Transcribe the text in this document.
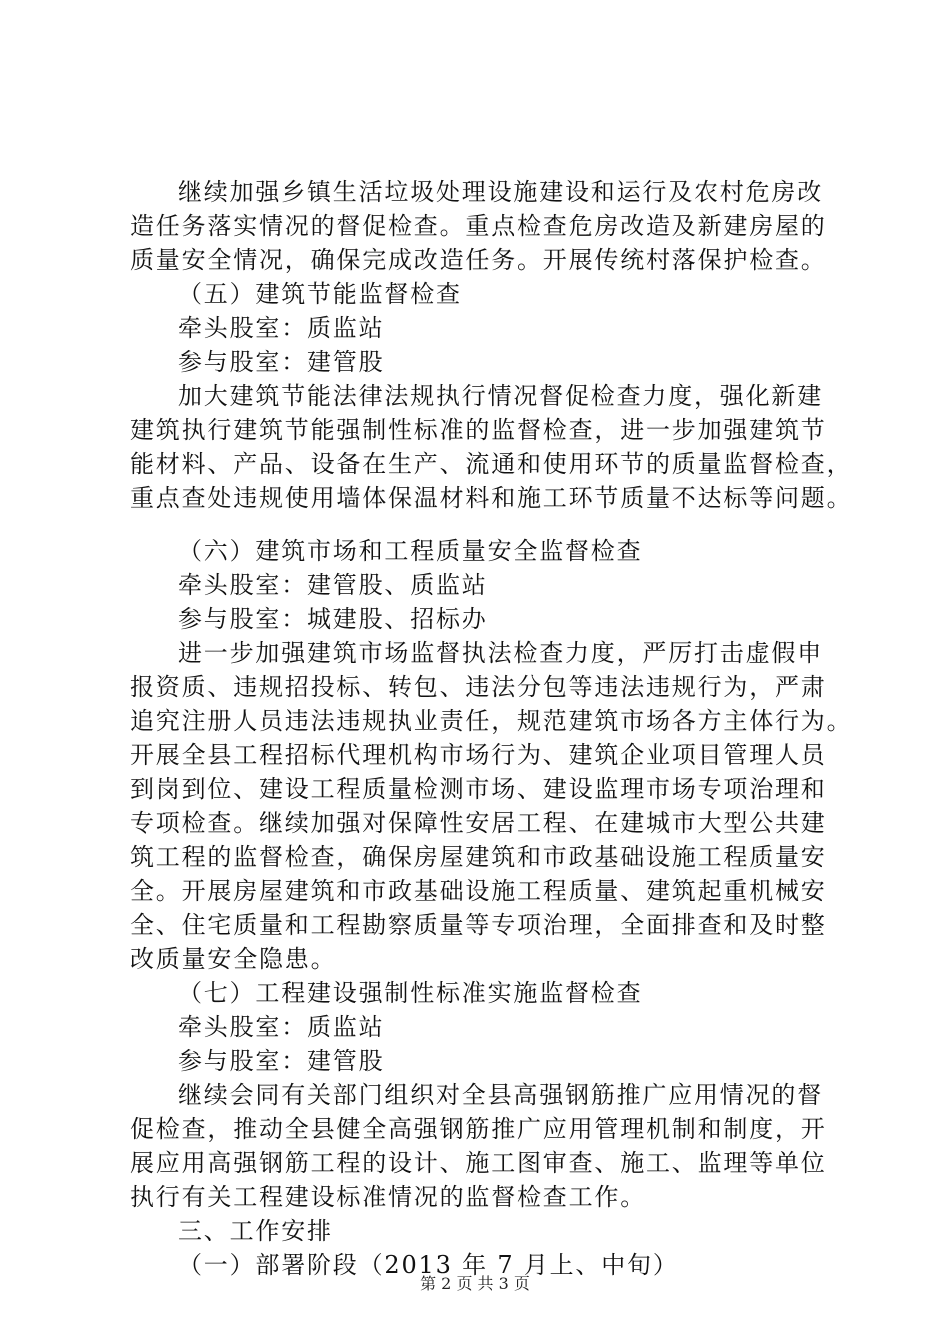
继续加强乡镇生活垃圾处理设施建设和运行及农村危房改
造任务落实情况的督促检查。重点检查危房改造及新建房屋的
质量安全情况，确保完成改造任务。开展传统村落保护检查。
（五）建筑节能监督检查
牵头股室：质监站
参与股室：建管股
加大建筑节能法律法规执行情况督促检查力度，强化新建
建筑执行建筑节能强制性标准的监督检查，进一步加强建筑节
能材料、产品、设备在生产、流通和使用环节的质量监督检查，
重点查处违规使用墙体保温材料和施工环节质量不达标等问题。
（六）建筑市场和工程质量安全监督检查
牵头股室：建管股、质监站
参与股室：城建股、招标办
进一步加强建筑市场监督执法检查力度，严厉打击虚假申
报资质、违规招投标、转包、违法分包等违法违规行为，严肃
追究注册人员违法违规执业责任，规范建筑市场各方主体行为。
开展全县工程招标代理机构市场行为、建筑企业项目管理人员
到岗到位、建设工程质量检测市场、建设监理市场专项治理和
专项检查。继续加强对保障性安居工程、在建城市大型公共建
筑工程的监督检查，确保房屋建筑和市政基础设施工程质量安
全。开展房屋建筑和市政基础设施工程质量、建筑起重机械安
全、住宅质量和工程勘察质量等专项治理，全面排查和及时整
改质量安全隐患。
（七）工程建设强制性标准实施监督检查
牵头股室：质监站
参与股室：建管股
继续会同有关部门组织对全县高强钢筋推广应用情况的督
促检查，推动全县健全高强钢筋推广应用管理机制和制度，开
展应用高强钢筋工程的设计、施工图审查、施工、监理等单位
执行有关工程建设标准情况的监督检查工作。
三、工作安排
（一）部署阶段（2013 年 7 月上、中旬）
第 2 页 共 3 页
